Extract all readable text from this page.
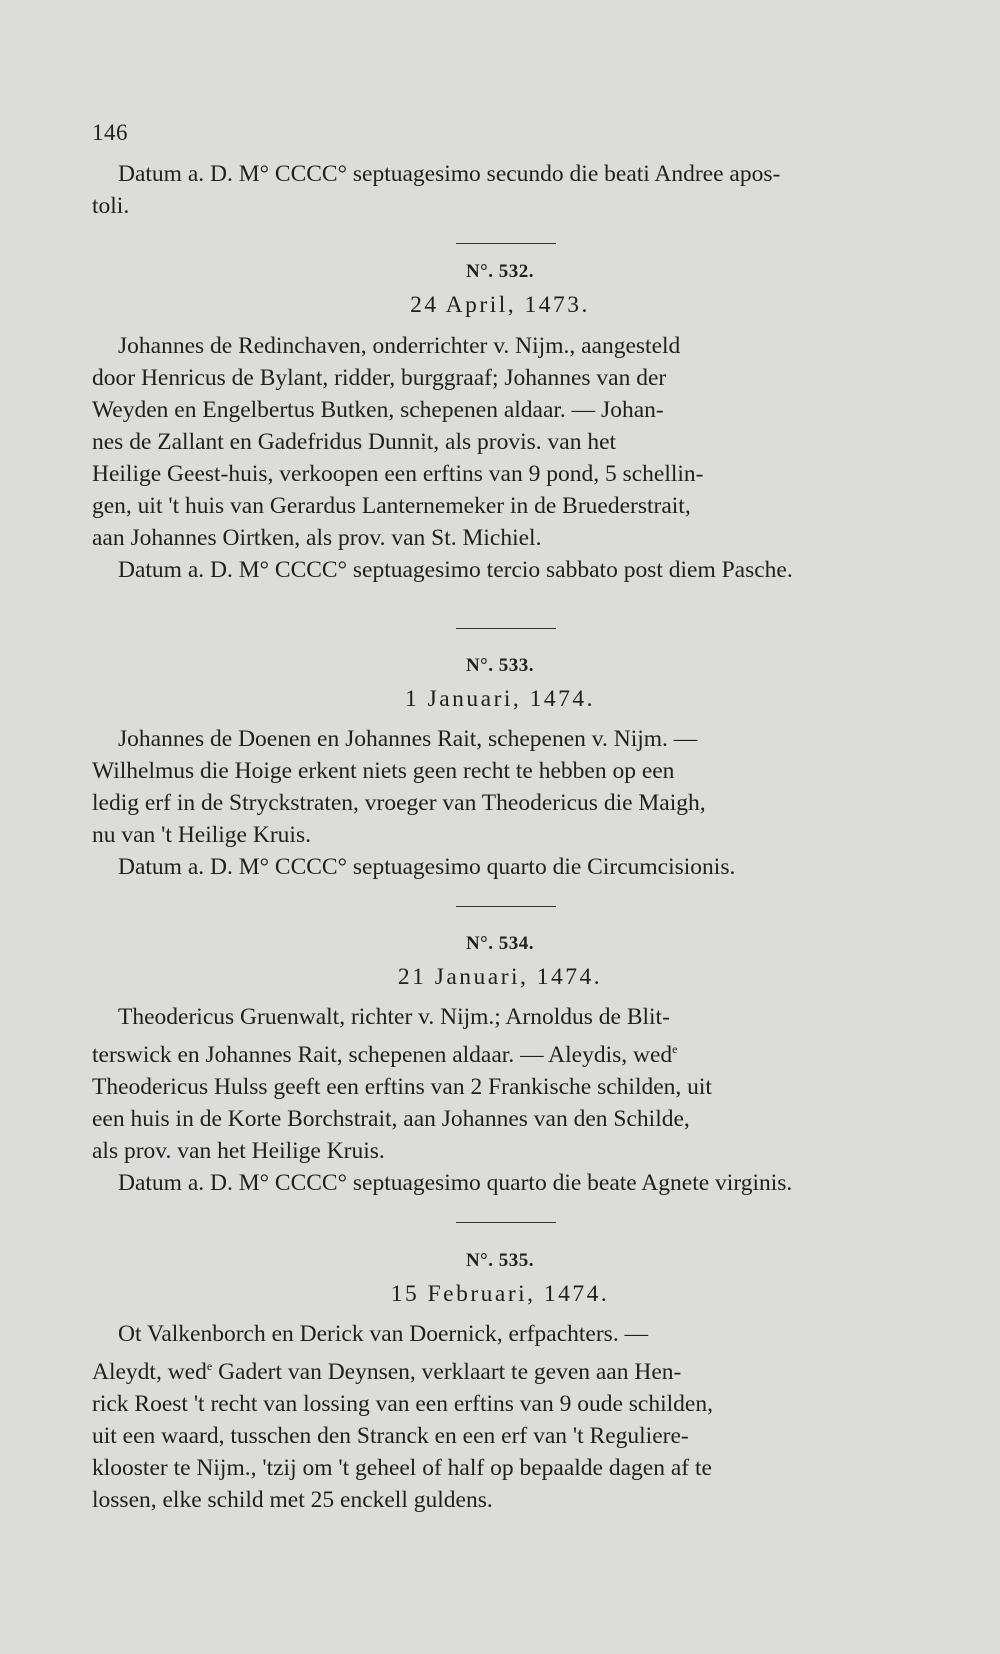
146
Datum a. D. M° CCCC° septuagesimo secundo die beati Andree apos-
toli.
N°. 532.
24 April, 1473.
Johannes de Redinchaven, onderrichter v. Nijm., aangesteld
door Henricus de Bylant, ridder, burggraaf; Johannes van der
Weyden en Engelbertus Butken, schepenen aldaar. — Johan-
nes de Zallant en Gadefridus Dunnit, als provis. van het
Heilige Geest-huis, verkoopen een erftins van 9 pond, 5 schellin-
gen, uit 't huis van Gerardus Lanternemeker in de Bruederstrait,
aan Johannes Oirtken, als prov. van St. Michiel.
Datum a. D. M° CCCC° septuagesimo tercio sabbato post diem Pasche.
N°. 533.
1 Januari, 1474.
Johannes de Doenen en Johannes Rait, schepenen v. Nijm. —
Wilhelmus die Hoige erkent niets geen recht te hebben op een
ledig erf in de Stryckstraten, vroeger van Theodericus die Maigh,
nu van 't Heilige Kruis.
Datum a. D. M° CCCC° septuagesimo quarto die Circumcisionis.
N°. 534.
21 Januari, 1474.
Theodericus Gruenwalt, richter v. Nijm.; Arnoldus de Blit-
terswick en Johannes Rait, schepenen aldaar. — Aleydis, wed$^e$
Theodericus Hulss geeft een erftins van 2 Frankische schilden, uit
een huis in de Korte Borchstrait, aan Johannes van den Schilde,
als prov. van het Heilige Kruis.
Datum a. D. M° CCCC° septuagesimo quarto die beate Agnete virginis.
N°. 535.
15 Februari, 1474.
Ot Valkenborch en Derick van Doernick, erfpachters. —
Aleydt, wed$^e$ Gadert van Deynsen, verklaart te geven aan Hen-
rick Roest 't recht van lossing van een erftins van 9 oude schilden,
uit een waard, tusschen den Stranck en een erf van 't Reguliere-
klooster te Nijm., 'tzij om 't geheel of half op bepaalde dagen af te
lossen, elke schild met 25 enckell guldens.
